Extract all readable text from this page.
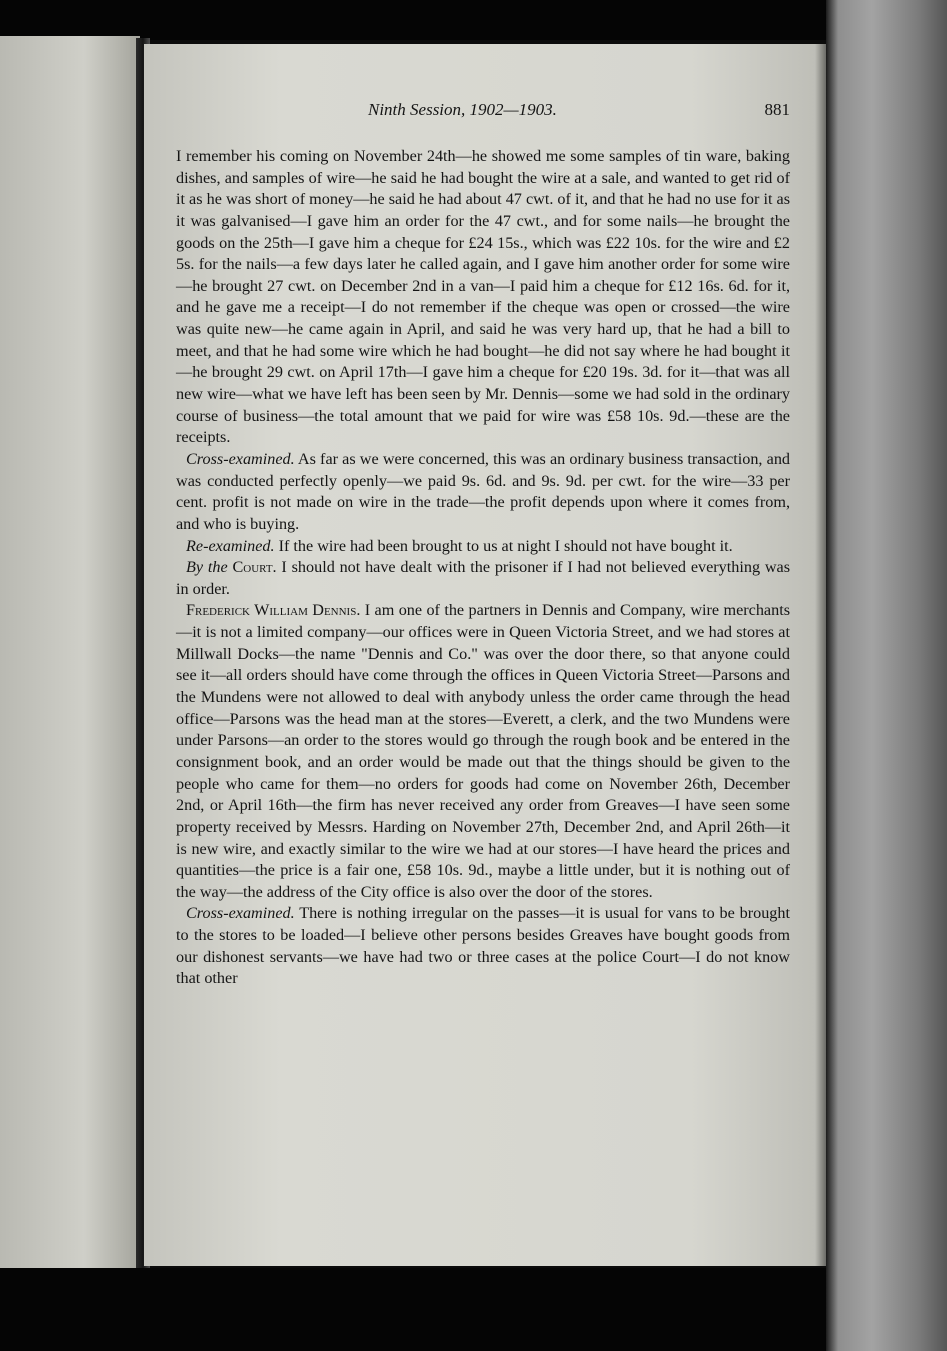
Ninth Session, 1902—1903.	881

I remember his coming on November 24th—he showed me some samples of tin ware, baking dishes, and samples of wire—he said he had bought the wire at a sale, and wanted to get rid of it as he was short of money—he said he had about 47 cwt. of it, and that he had no use for it as it was galvanised—I gave him an order for the 47 cwt., and for some nails—he brought the goods on the 25th—I gave him a cheque for £24 15s., which was £22 10s. for the wire and £2 5s. for the nails—a few days later he called again, and I gave him another order for some wire—he brought 27 cwt. on December 2nd in a van—I paid him a cheque for £12 16s. 6d. for it, and he gave me a receipt—I do not remember if the cheque was open or crossed—the wire was quite new—he came again in April, and said he was very hard up, that he had a bill to meet, and that he had some wire which he had bought—he did not say where he had bought it—he brought 29 cwt. on April 17th—I gave him a cheque for £20 19s. 3d. for it—that was all new wire—what we have left has been seen by Mr. Dennis—some we had sold in the ordinary course of business—the total amount that we paid for wire was £58 10s. 9d.—these are the receipts.

Cross-examined. As far as we were concerned, this was an ordinary business transaction, and was conducted perfectly openly—we paid 9s. 6d. and 9s. 9d. per cwt. for the wire—33 per cent. profit is not made on wire in the trade—the profit depends upon where it comes from, and who is buying.

Re-examined. If the wire had been brought to us at night I should not have bought it.

By the Court. I should not have dealt with the prisoner if I had not believed everything was in order.

Frederick William Dennis. I am one of the partners in Dennis and Company, wire merchants—it is not a limited company—our offices were in Queen Victoria Street, and we had stores at Millwall Docks—the name "Dennis and Co." was over the door there, so that anyone could see it—all orders should have come through the offices in Queen Victoria Street—Parsons and the Mundens were not allowed to deal with anybody unless the order came through the head office—Parsons was the head man at the stores—Everett, a clerk, and the two Mundens were under Parsons—an order to the stores would go through the rough book and be entered in the consignment book, and an order would be made out that the things should be given to the people who came for them—no orders for goods had come on November 26th, December 2nd, or April 16th—the firm has never received any order from Greaves—I have seen some property received by Messrs. Harding on November 27th, December 2nd, and April 26th—it is new wire, and exactly similar to the wire we had at our stores—I have heard the prices and quantities—the price is a fair one, £58 10s. 9d., maybe a little under, but it is nothing out of the way—the address of the City office is also over the door of the stores.

Cross-examined. There is nothing irregular on the passes—it is usual for vans to be brought to the stores to be loaded—I believe other persons besides Greaves have bought goods from our dishonest servants—we have had two or three cases at the police Court—I do not know that other
